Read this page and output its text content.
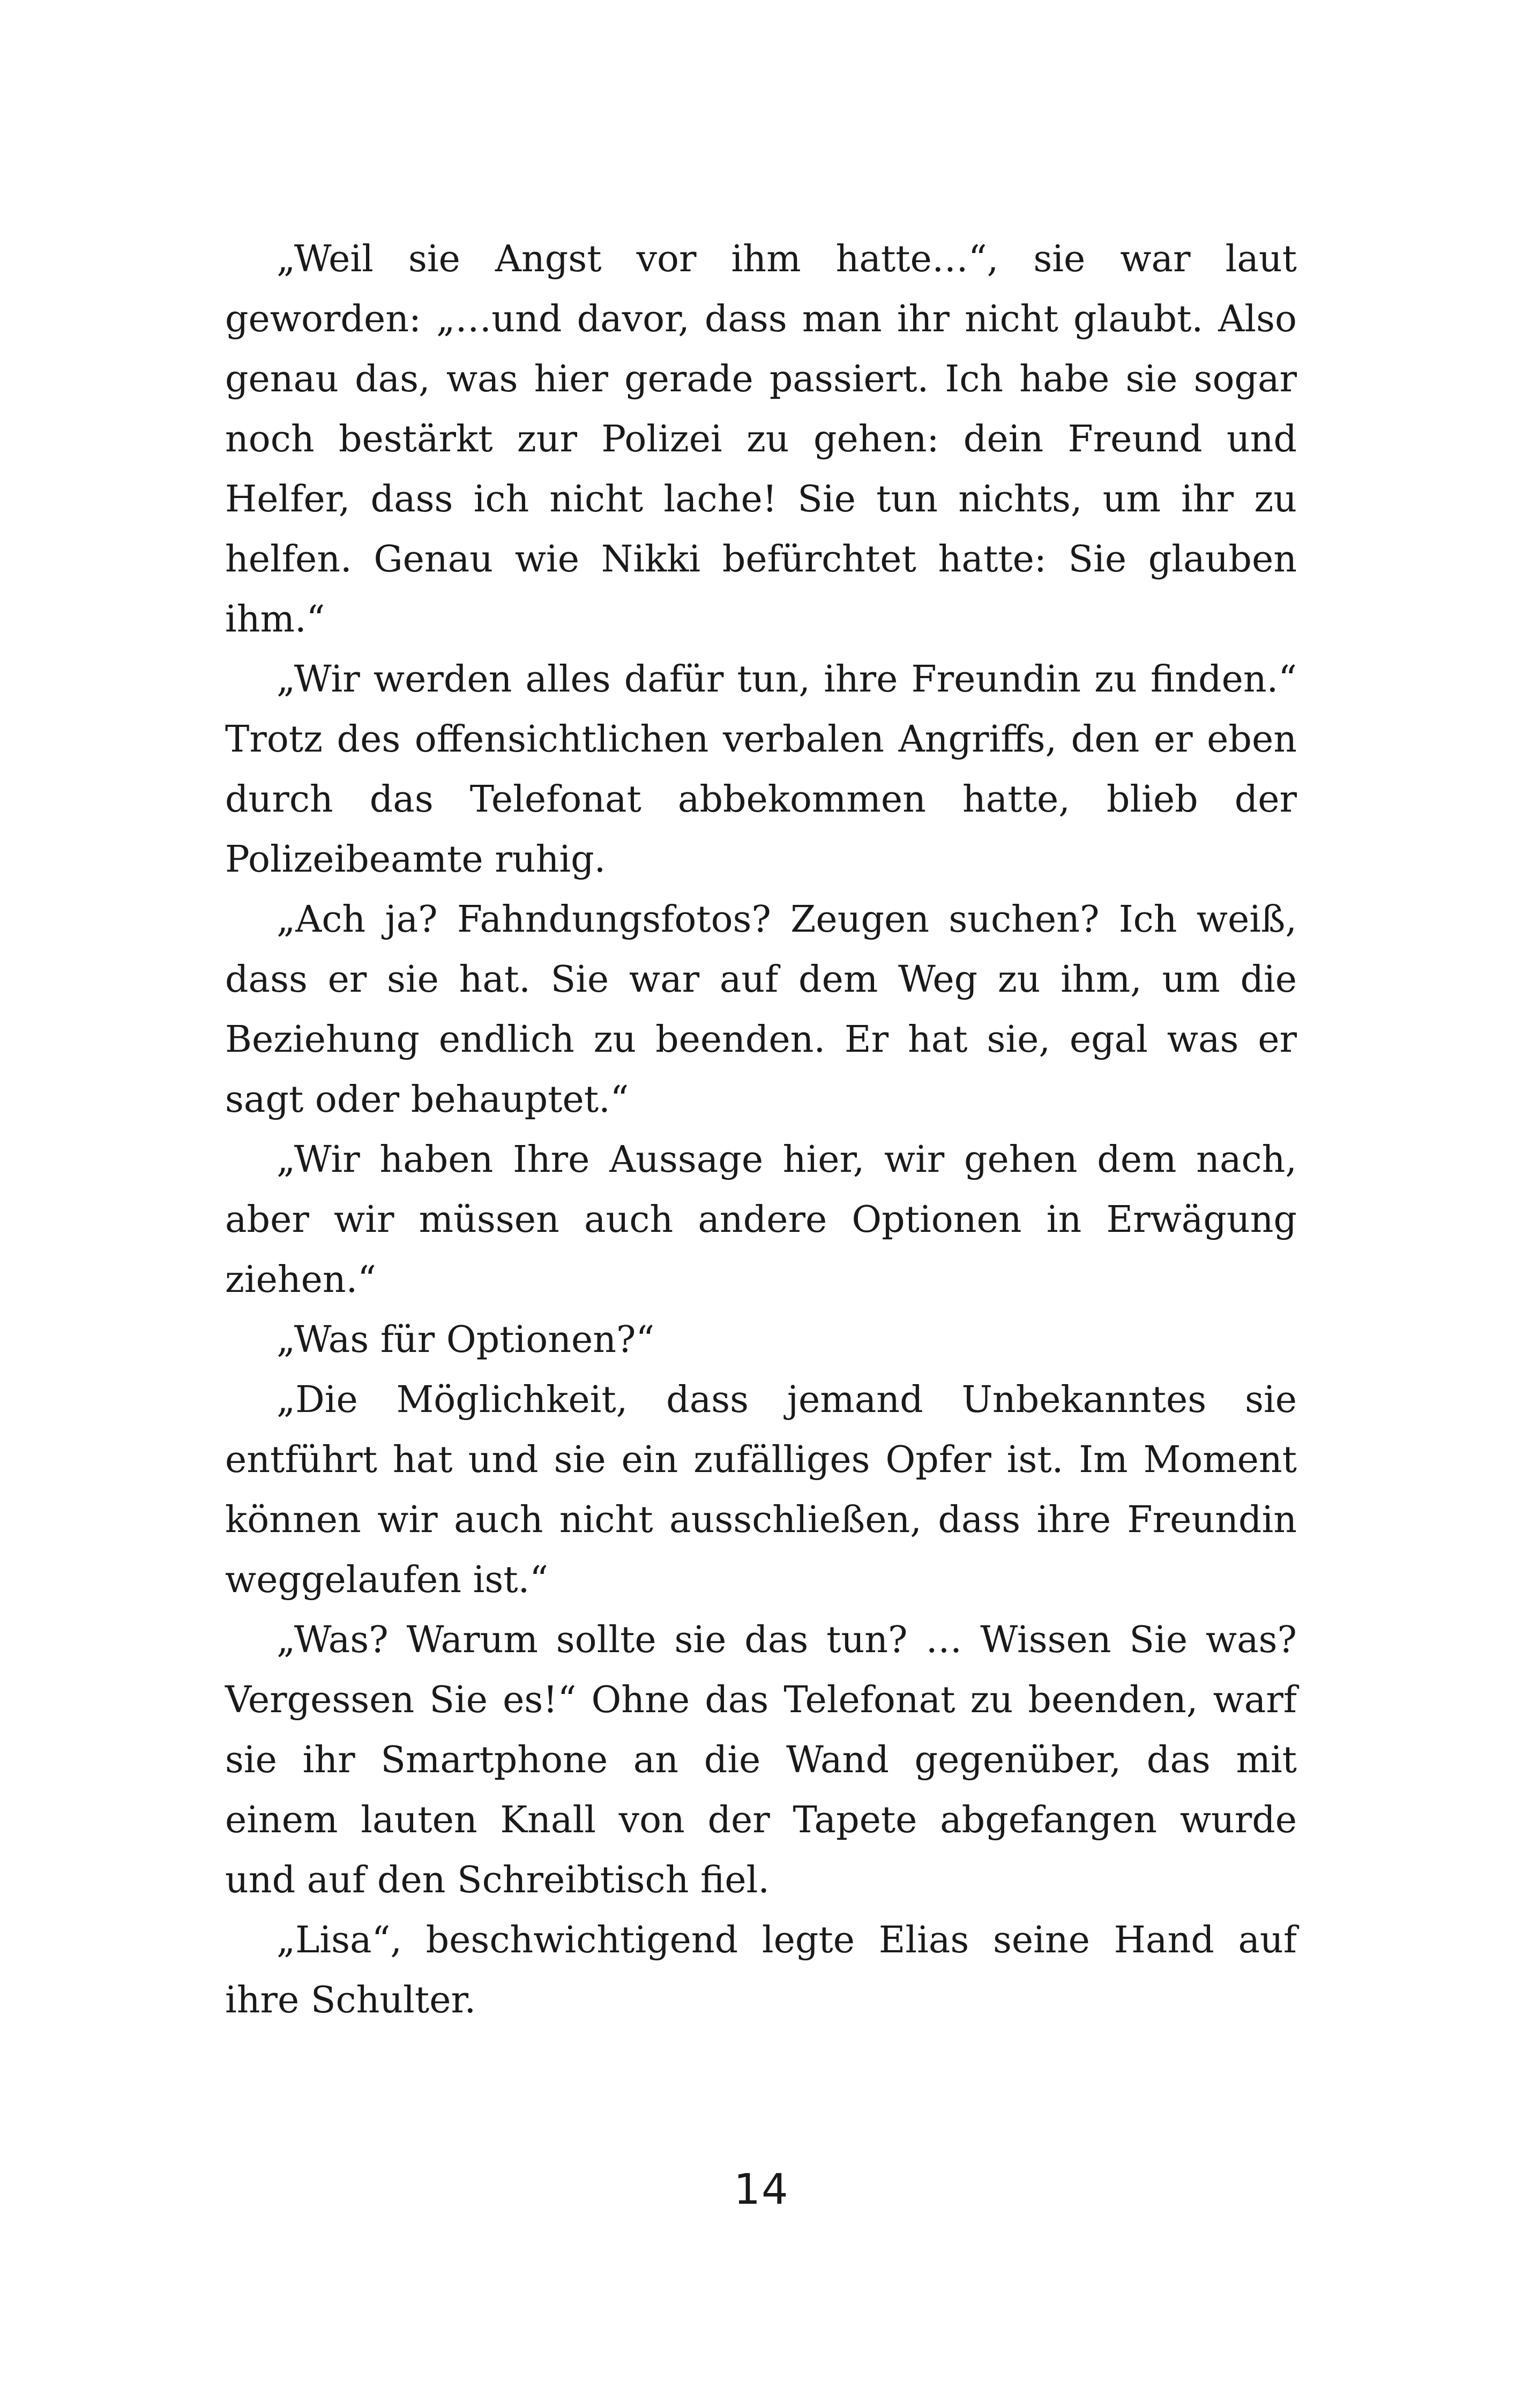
„Weil sie Angst vor ihm hatte…“, sie war laut geworden: „…und davor, dass man ihr nicht glaubt. Also genau das, was hier gerade passiert. Ich habe sie sogar noch bestärkt zur Polizei zu gehen: dein Freund und Helfer, dass ich nicht lache! Sie tun nichts, um ihr zu helfen. Genau wie Nikki befürchtet hatte: Sie glauben ihm.“

„Wir werden alles dafür tun, ihre Freundin zu finden.“ Trotz des offensichtlichen verbalen Angriffs, den er eben durch das Telefonat abbekommen hatte, blieb der Polizeibeamte ruhig.

„Ach ja? Fahndungsfotos? Zeugen suchen? Ich weiß, dass er sie hat. Sie war auf dem Weg zu ihm, um die Beziehung endlich zu beenden. Er hat sie, egal was er sagt oder behauptet.“

„Wir haben Ihre Aussage hier, wir gehen dem nach, aber wir müssen auch andere Optionen in Erwägung ziehen.“

„Was für Optionen?“

„Die Möglichkeit, dass jemand Unbekanntes sie entführt hat und sie ein zufälliges Opfer ist. Im Moment können wir auch nicht ausschließen, dass ihre Freundin weggelaufen ist.“

„Was? Warum sollte sie das tun? … Wissen Sie was? Vergessen Sie es!“ Ohne das Telefonat zu beenden, warf sie ihr Smartphone an die Wand gegenüber, das mit einem lauten Knall von der Tapete abgefangen wurde und auf den Schreibtisch fiel.

„Lisa“, beschwichtigend legte Elias seine Hand auf ihre Schulter.

14
